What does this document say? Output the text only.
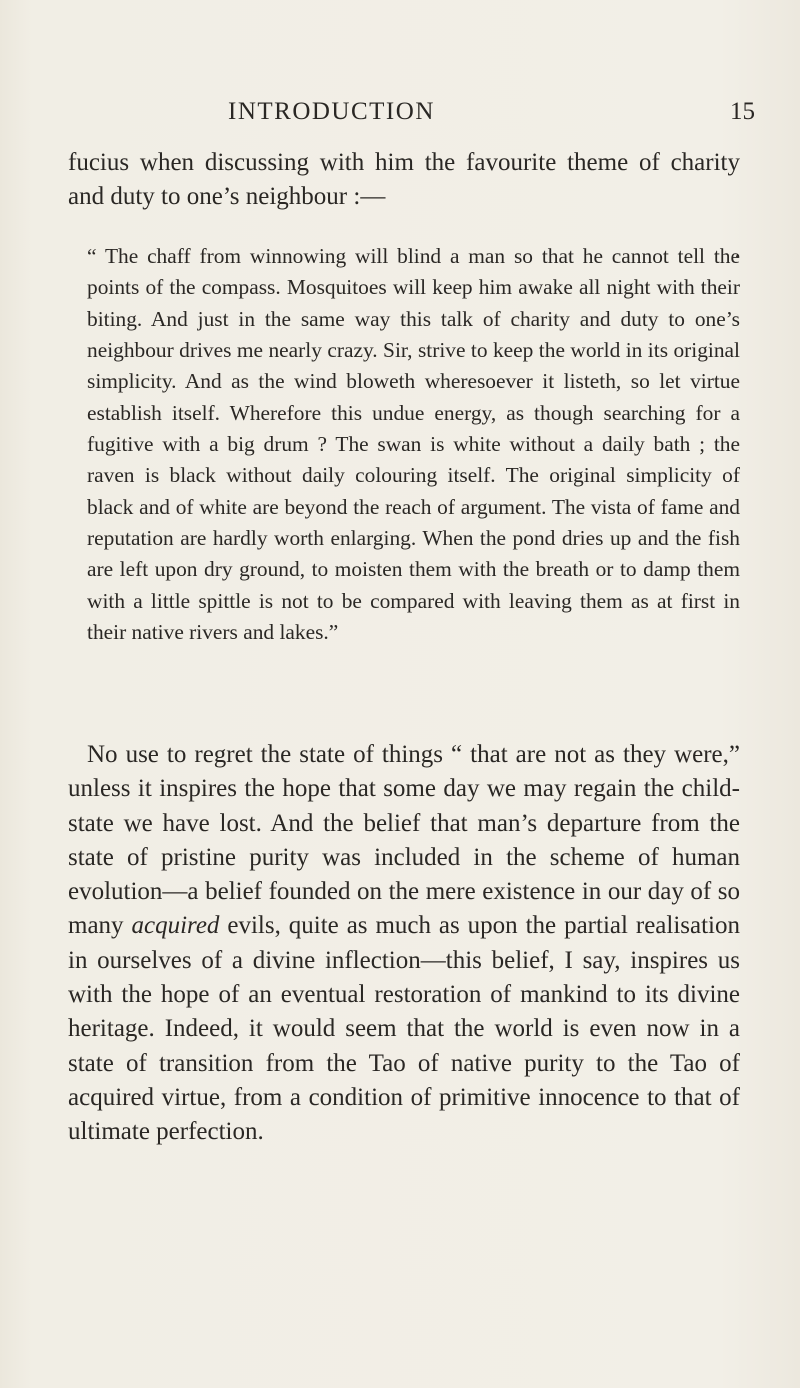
INTRODUCTION	15

fucius when discussing with him the favourite theme of charity and duty to one’s neighbour :—

“ The chaff from winnowing will blind a man so that he cannot tell the points of the compass. Mosquitoes will keep him awake all night with their biting. And just in the same way this talk of charity and duty to one’s neighbour drives me nearly crazy. Sir, strive to keep the world in its original simplicity. And as the wind bloweth wheresoever it listeth, so let virtue establish itself. Wherefore this undue energy, as though searching for a fugitive with a big drum ? The swan is white without a daily bath ; the raven is black without daily colouring itself. The original simplicity of black and of white are beyond the reach of argument. The vista of fame and reputation are hardly worth enlarging. When the pond dries up and the fish are left upon dry ground, to moisten them with the breath or to damp them with a little spittle is not to be compared with leaving them as at first in their native rivers and lakes.”

No use to regret the state of things “ that are not as they were,” unless it inspires the hope that some day we may regain the child-state we have lost. And the belief that man’s departure from the state of pristine purity was included in the scheme of human evolution—a belief founded on the mere existence in our day of so many acquired evils, quite as much as upon the partial realisation in ourselves of a divine inflection—this belief, I say, inspires us with the hope of an eventual restoration of mankind to its divine heritage. Indeed, it would seem that the world is even now in a state of transition from the Tao of native purity to the Tao of acquired virtue, from a condition of primitive innocence to that of ultimate perfection.
